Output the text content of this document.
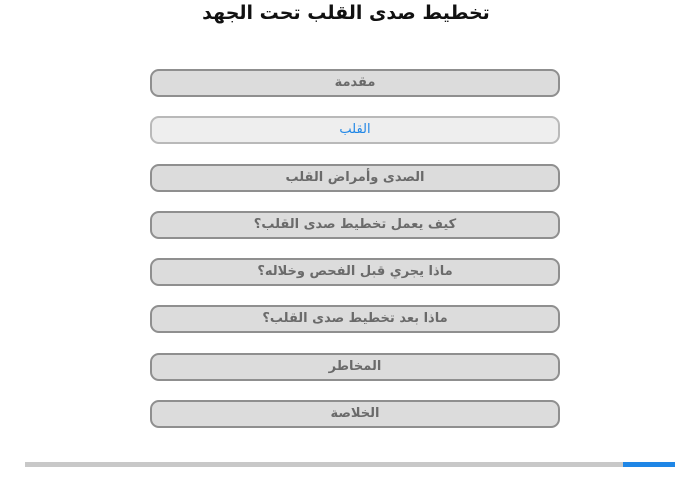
تخطيط صدى القلب تحت الجهد
مقدمة
القلب
الصدى وأمراض القلب
كيف يعمل تخطيط صدى القلب؟
ماذا يجري قبل الفحص وخلاله؟
ماذا بعد تخطيط صدى القلب؟
المخاطر
الخلاصة
